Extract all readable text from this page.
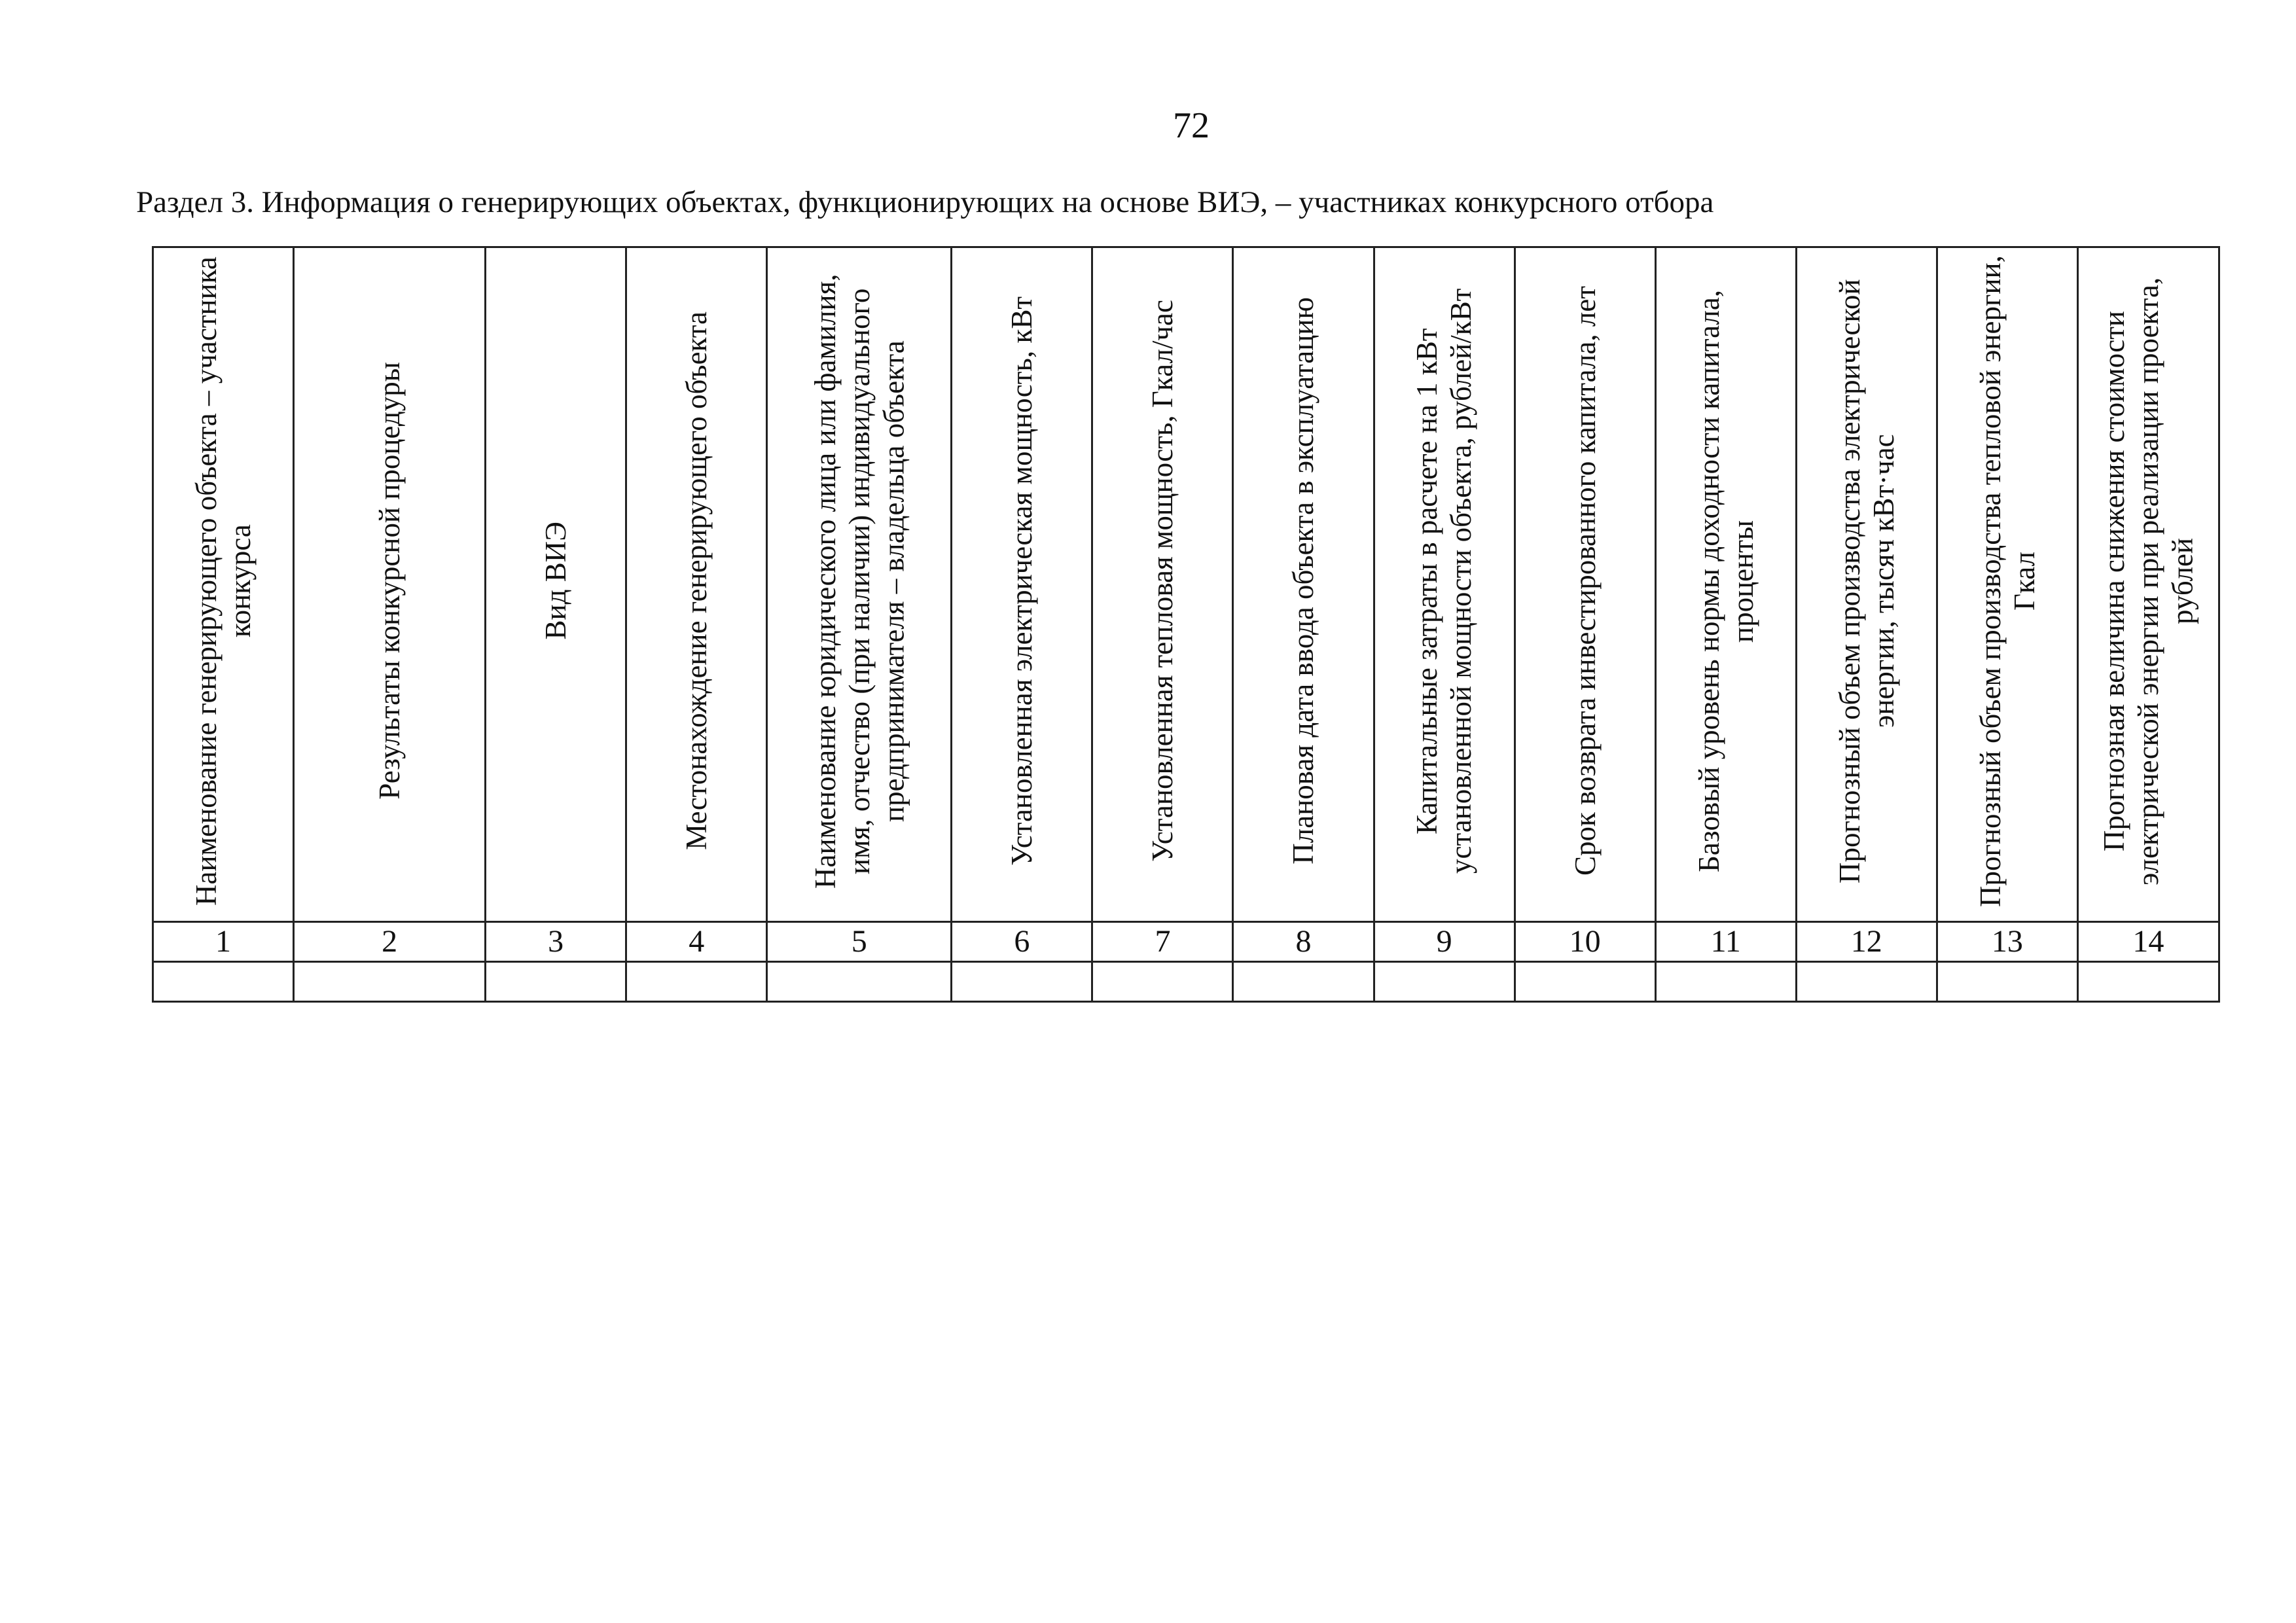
72
Раздел 3. Информация о генерирующих объектах, функционирующих на основе ВИЭ, – участниках конкурсного отбора
Наименование генерирующего объекта – участника конкурса	Результаты конкурсной процедуры	Вид ВИЭ	Местонахождение генерирующего объекта	Наименование юридического лица или фамилия, имя, отчество (при наличии) индивидуального предпринимателя – владельца объекта	Установленная электрическая мощность, кВт	Установленная тепловая мощность, Гкал/час	Плановая дата ввода объекта в эксплуатацию	Капитальные затраты в расчете на 1 кВт установленной мощности объекта, рублей/кВт	Срок возврата инвестированного капитала, лет	Базовый уровень нормы доходности капитала, проценты	Прогнозный объем производства электрической энергии, тысяч кВт·час	Прогнозный объем производства тепловой энергии, Гкал	Прогнозная величина снижения стоимости электрической энергии при реализации проекта, рублей
1	2	3	4	5	6	7	8	9	10	11	12	13	14
